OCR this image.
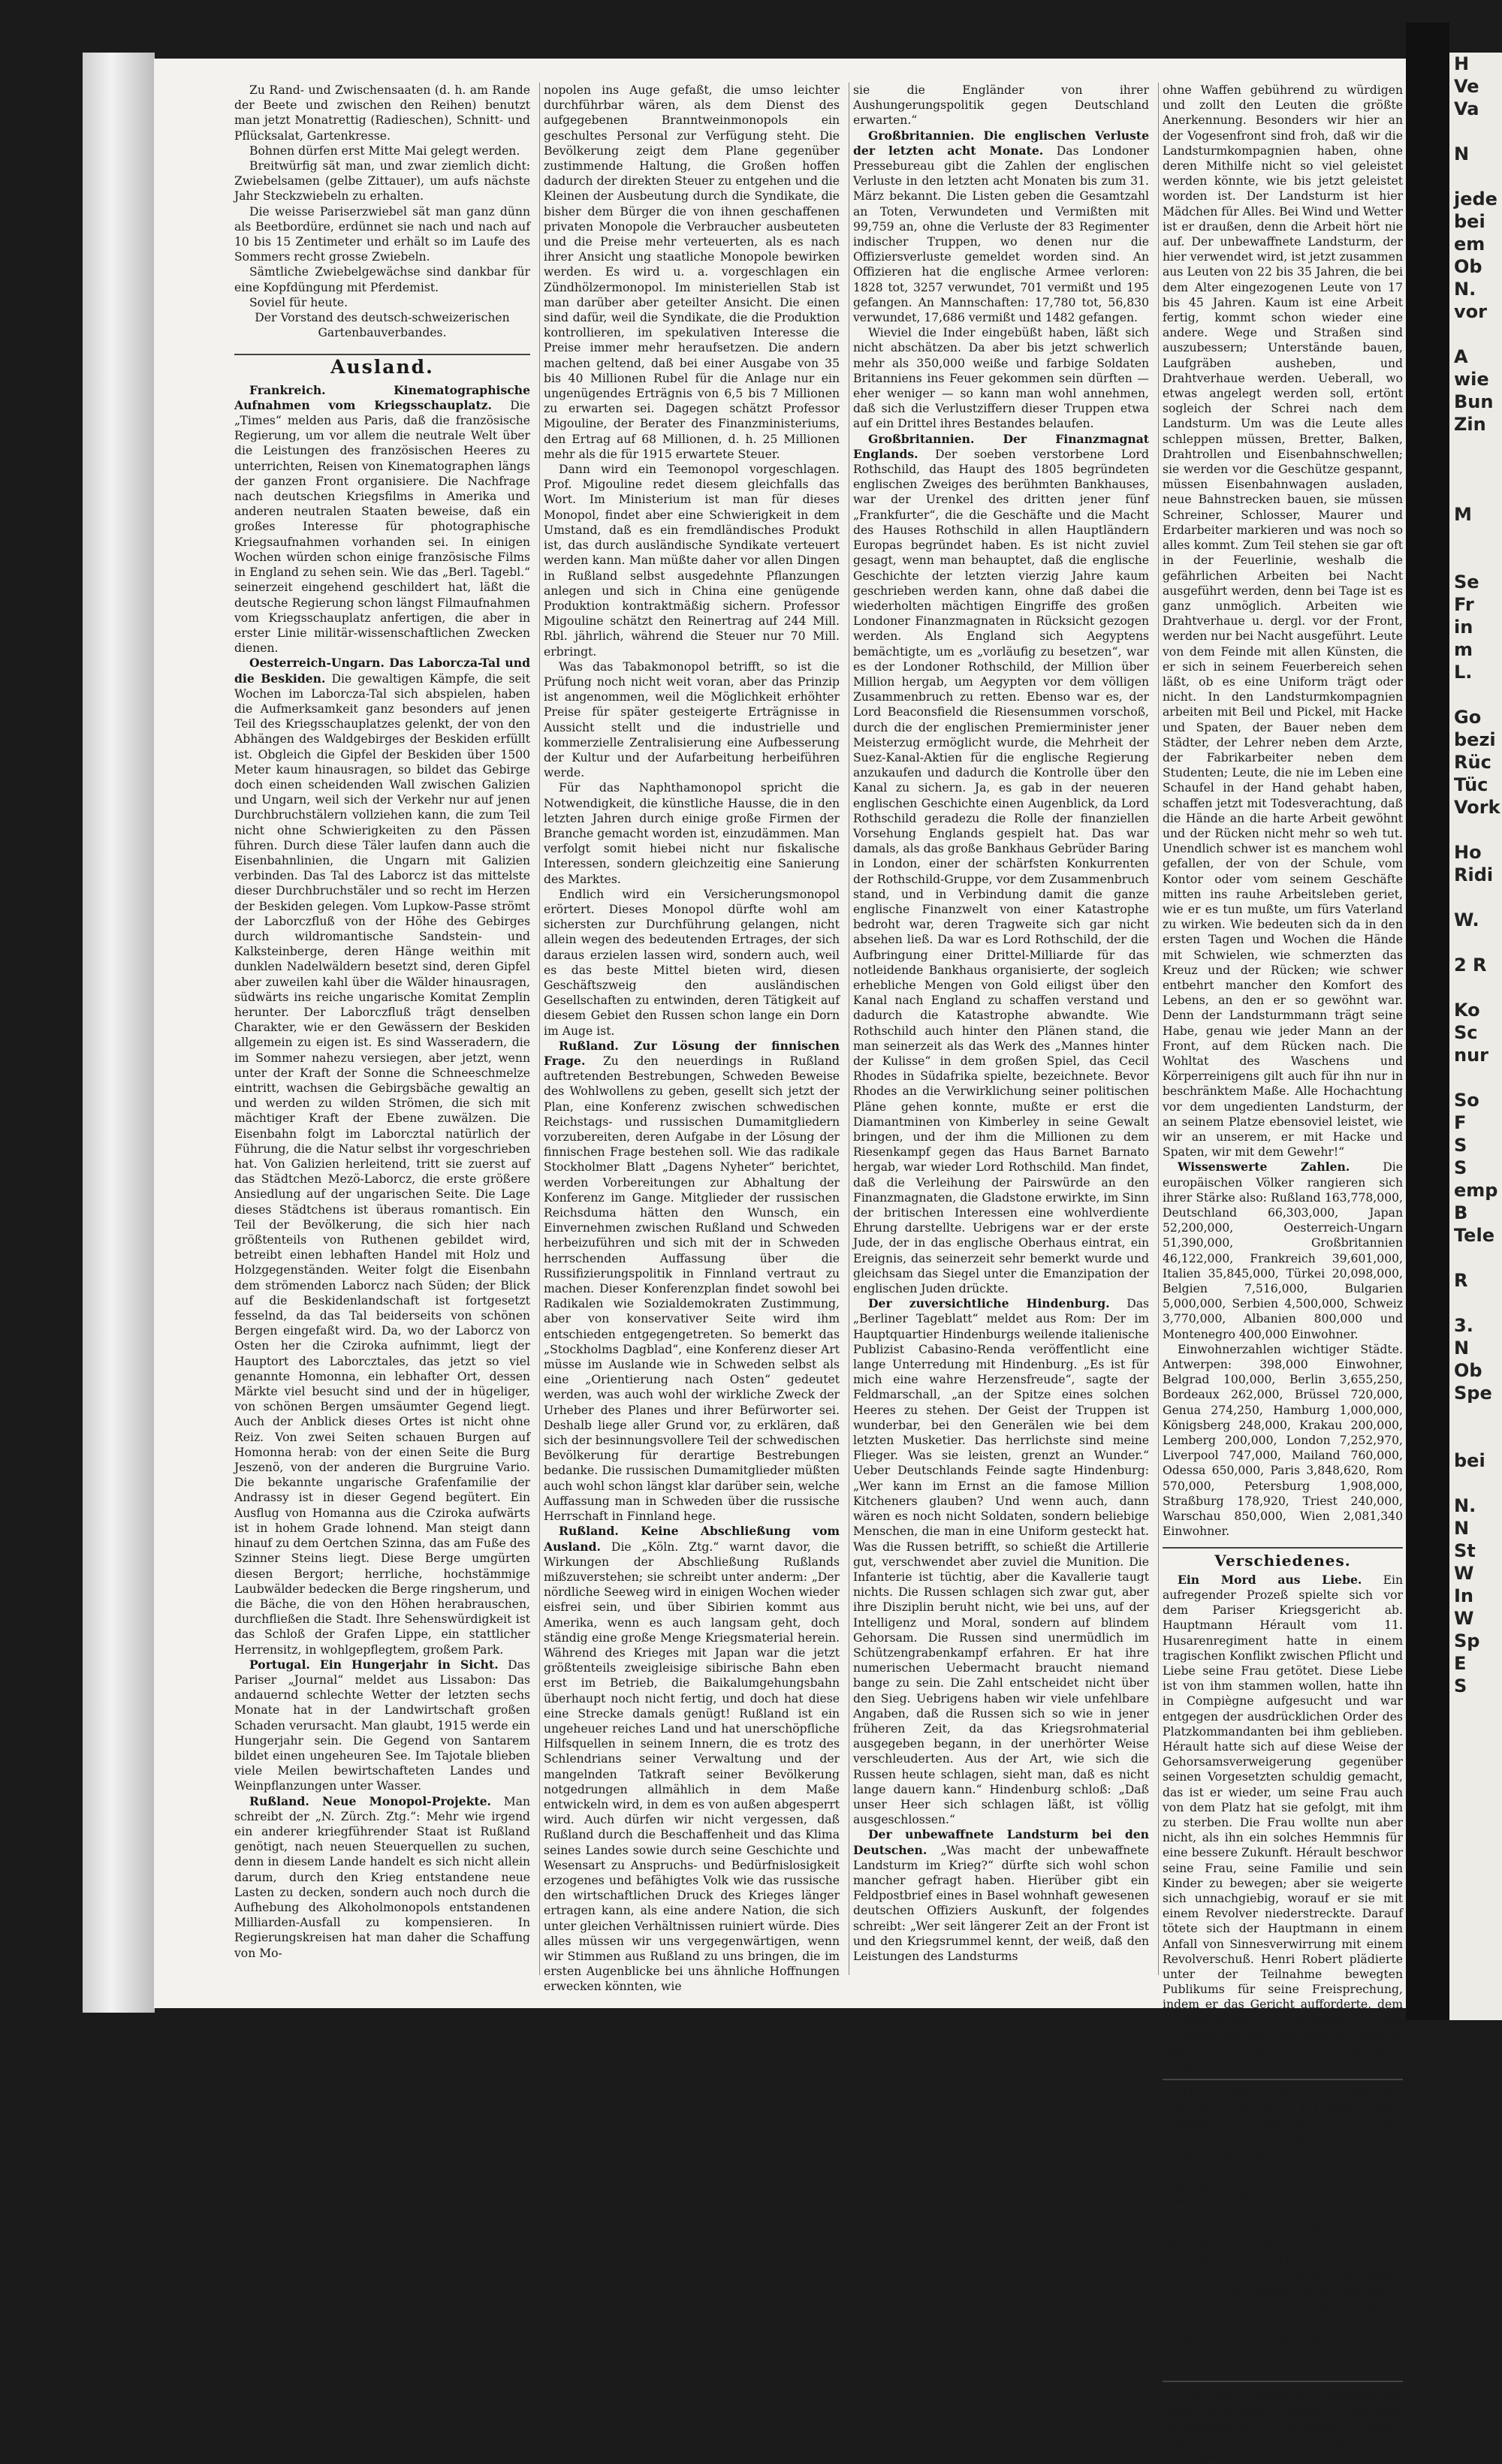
H
Ve
Va

N

jede
bei
em
Ob
N.
vor

A
wie
Bun
Zin

M

Se
Fr
in
m
L.

Go
bezi
Rüc
Tüc
Vork

Ho
Ridi

W.

2 R

Ko
Sc
nur

So
F
S
S
emp
B
Tele

R

3.
N
Ob
Spe

bei

N.
N
St
W
In
W
Sp
E
S

Zu Rand- und Zwischensaaten (d. h. am Rande der Beete und zwischen den Reihen) benutzt man jetzt Monatrettig (Radieschen), Schnitt- und Pflücksalat, Gartenkresse.

Bohnen dürfen erst Mitte Mai gelegt werden.

Breitwürfig sät man, und zwar ziemlich dicht: Zwiebelsamen (gelbe Zittauer), um aufs nächste Jahr Steckzwiebeln zu erhalten.

Die weisse Pariserzwiebel sät man ganz dünn als Beetbordüre, erdünnet sie nach und nach auf 10 bis 15 Zentimeter und erhält so im Laufe des Sommers recht grosse Zwiebeln.

Sämtliche Zwiebelgewächse sind dankbar für eine Kopfdüngung mit Pferdemist.

Soviel für heute.

Der Vorstand des deutsch-schweizerischen Gartenbauverbandes.

Ausland.

Frankreich. Kinematographische Aufnahmen vom Kriegsschauplatz. Die „Times“ melden aus Paris, daß die französische Regierung, um vor allem die neutrale Welt über die Leistungen des französischen Heeres zu unterrichten, Reisen von Kinematographen längs der ganzen Front organisiere. Die Nachfrage nach deutschen Kriegsfilms in Amerika und anderen neutralen Staaten beweise, daß ein großes Interesse für photographische Kriegsaufnahmen vorhanden sei. In einigen Wochen würden schon einige französische Films in England zu sehen sein. Wie das „Berl. Tagebl.“ seinerzeit eingehend geschildert hat, läßt die deutsche Regierung schon längst Filmaufnahmen vom Kriegsschauplatz anfertigen, die aber in erster Linie militär-wissenschaftlichen Zwecken dienen.

Oesterreich-Ungarn. Das Laborcza-Tal und die Beskiden. Die gewaltigen Kämpfe, die seit Wochen im Laborcza-Tal sich abspielen, haben die Aufmerksamkeit ganz besonders auf jenen Teil des Kriegsschauplatzes gelenkt, der von den Abhängen des Waldgebirges der Beskiden erfüllt ist. Obgleich die Gipfel der Beskiden über 1500 Meter kaum hinausragen, so bildet das Gebirge doch einen scheidenden Wall zwischen Galizien und Ungarn, weil sich der Verkehr nur auf jenen Durchbruchstälern vollziehen kann, die zum Teil nicht ohne Schwierigkeiten zu den Pässen führen. Durch diese Täler laufen dann auch die Eisenbahnlinien, die Ungarn mit Galizien verbinden. Das Tal des Laborcz ist das mittelste dieser Durchbruchstäler und so recht im Herzen der Beskiden gelegen. Vom Lupkow-Passe strömt der Laborczfluß von der Höhe des Gebirges durch wildromantische Sandstein- und Kalksteinberge, deren Hänge weithin mit dunklen Nadelwäldern besetzt sind, deren Gipfel aber zuweilen kahl über die Wälder hinausragen, südwärts ins reiche ungarische Komitat Zemplin herunter. Der Laborczfluß trägt denselben Charakter, wie er den Gewässern der Beskiden allgemein zu eigen ist. Es sind Wasseradern, die im Sommer nahezu versiegen, aber jetzt, wenn unter der Kraft der Sonne die Schneeschmelze eintritt, wachsen die Gebirgsbäche gewaltig an und werden zu wilden Strömen, die sich mit mächtiger Kraft der Ebene zuwälzen. Die Eisenbahn folgt im Laborcztal natürlich der Führung, die die Natur selbst ihr vorgeschrieben hat. Von Galizien herleitend, tritt sie zuerst auf das Städtchen Mezö-Laborcz, die erste größere Ansiedlung auf der ungarischen Seite. Die Lage dieses Städtchens ist überaus romantisch. Ein Teil der Bevölkerung, die sich hier nach größtenteils von Ruthenen gebildet wird, betreibt einen lebhaften Handel mit Holz und Holzgegenständen. Weiter folgt die Eisenbahn dem strömenden Laborcz nach Süden; der Blick auf die Beskidenlandschaft ist fortgesetzt fesselnd, da das Tal beiderseits von schönen Bergen eingefaßt wird. Da, wo der Laborcz von Osten her die Cziroka aufnimmt, liegt der Hauptort des Laborcztales, das jetzt so viel genannte Homonna, ein lebhafter Ort, dessen Märkte viel besucht sind und der in hügeliger, von schönen Bergen umsäumter Gegend liegt. Auch der Anblick dieses Ortes ist nicht ohne Reiz. Von zwei Seiten schauen Burgen auf Homonna herab: von der einen Seite die Burg Jeszenö, von der anderen die Burgruine Vario. Die bekannte ungarische Grafenfamilie der Andrassy ist in dieser Gegend begütert. Ein Ausflug von Homanna aus die Cziroka aufwärts ist in hohem Grade lohnend. Man steigt dann hinauf zu dem Oertchen Szinna, das am Fuße des Szinner Steins liegt. Diese Berge umgürten diesen Bergort; herrliche, hochstämmige Laubwälder bedecken die Berge ringsherum, und die Bäche, die von den Höhen herabrauschen, durchfließen die Stadt. Ihre Sehenswürdigkeit ist das Schloß der Grafen Lippe, ein stattlicher Herrensitz, in wohlgepflegtem, großem Park.

Portugal. Ein Hungerjahr in Sicht. Das Pariser „Journal“ meldet aus Lissabon: Das andauernd schlechte Wetter der letzten sechs Monate hat in der Landwirtschaft großen Schaden verursacht. Man glaubt, 1915 werde ein Hungerjahr sein. Die Gegend von Santarem bildet einen ungeheuren See. Im Tajotale blieben viele Meilen bewirtschafteten Landes und Weinpflanzungen unter Wasser.

Rußland. Neue Monopol-Projekte. Man schreibt der „N. Zürch. Ztg.“: Mehr wie irgend ein anderer kriegführender Staat ist Rußland genötigt, nach neuen Steuerquellen zu suchen, denn in diesem Lande handelt es sich nicht allein darum, durch den Krieg entstandene neue Lasten zu decken, sondern auch noch durch die Aufhebung des Alkoholmonopols entstandenen Milliarden-Ausfall zu kompensieren. In Regierungskreisen hat man daher die Schaffung von Mo-

nopolen ins Auge gefaßt, die umso leichter durchführbar wären, als dem Dienst des aufgegebenen Branntweinmonopols ein geschultes Personal zur Verfügung steht. Die Bevölkerung zeigt dem Plane gegenüber zustimmende Haltung, die Großen hoffen dadurch der direkten Steuer zu entgehen und die Kleinen der Ausbeutung durch die Syndikate, die bisher dem Bürger die von ihnen geschaffenen privaten Monopole die Verbraucher ausbeuteten und die Preise mehr verteuerten, als es nach ihrer Ansicht ung staatliche Monopole bewirken werden. Es wird u. a. vorgeschlagen ein Zündhölzermonopol. Im ministeriellen Stab ist man darüber aber geteilter Ansicht. Die einen sind dafür, weil die Syndikate, die die Produktion kontrollieren, im spekulativen Interesse die Preise immer mehr heraufsetzen. Die andern machen geltend, daß bei einer Ausgabe von 35 bis 40 Millionen Rubel für die Anlage nur ein ungenügendes Erträgnis von 6,5 bis 7 Millionen zu erwarten sei. Dagegen schätzt Professor Migouline, der Berater des Finanzministeriums, den Ertrag auf 68 Millionen, d. h. 25 Millionen mehr als die für 1915 erwartete Steuer.

Dann wird ein Teemonopol vorgeschlagen. Prof. Migouline redet diesem gleichfalls das Wort. Im Ministerium ist man für dieses Monopol, findet aber eine Schwierigkeit in dem Umstand, daß es ein fremdländisches Produkt ist, das durch ausländische Syndikate verteuert werden kann. Man müßte daher vor allen Dingen in Rußland selbst ausgedehnte Pflanzungen anlegen und sich in China eine genügende Produktion kontraktmäßig sichern. Professor Migouline schätzt den Reinertrag auf 244 Mill. Rbl. jährlich, während die Steuer nur 70 Mill. erbringt.

Was das Tabakmonopol betrifft, so ist die Prüfung noch nicht weit voran, aber das Prinzip ist angenommen, weil die Möglichkeit erhöhter Preise für später gesteigerte Erträgnisse in Aussicht stellt und die industrielle und kommerzielle Zentralisierung eine Aufbesserung der Kultur und der Aufarbeitung herbeiführen werde.

Für das Naphthamonopol spricht die Notwendigkeit, die künstliche Hausse, die in den letzten Jahren durch einige große Firmen der Branche gemacht worden ist, einzudämmen. Man verfolgt somit hiebei nicht nur fiskalische Interessen, sondern gleichzeitig eine Sanierung des Marktes.

Endlich wird ein Versicherungsmonopol erörtert. Dieses Monopol dürfte wohl am sichersten zur Durchführung gelangen, nicht allein wegen des bedeutenden Ertrages, der sich daraus erzielen lassen wird, sondern auch, weil es das beste Mittel bieten wird, diesen Geschäftszweig den ausländischen Gesellschaften zu entwinden, deren Tätigkeit auf diesem Gebiet den Russen schon lange ein Dorn im Auge ist.

Rußland. Zur Lösung der finnischen Frage. Zu den neuerdings in Rußland auftretenden Bestrebungen, Schweden Beweise des Wohlwollens zu geben, gesellt sich jetzt der Plan, eine Konferenz zwischen schwedischen Reichstags- und russischen Dumamitgliedern vorzubereiten, deren Aufgabe in der Lösung der finnischen Frage bestehen soll. Wie das radikale Stockholmer Blatt „Dagens Nyheter“ berichtet, werden Vorbereitungen zur Abhaltung der Konferenz im Gange. Mitglieder der russischen Reichsduma hätten den Wunsch, ein Einvernehmen zwischen Rußland und Schweden herbeizuführen und sich mit der in Schweden herrschenden Auffassung über die Russifizierungspolitik in Finnland vertraut zu machen. Dieser Konferenzplan findet sowohl bei Radikalen wie Sozialdemokraten Zustimmung, aber von konservativer Seite wird ihm entschieden entgegengetreten. So bemerkt das „Stockholms Dagblad“, eine Konferenz dieser Art müsse im Auslande wie in Schweden selbst als eine „Orientierung nach Osten“ gedeutet werden, was auch wohl der wirkliche Zweck der Urheber des Planes und ihrer Befürworter sei. Deshalb liege aller Grund vor, zu erklären, daß sich der besinnungsvollere Teil der schwedischen Bevölkerung für derartige Bestrebungen bedanke. Die russischen Dumamitglieder müßten auch wohl schon längst klar darüber sein, welche Auffassung man in Schweden über die russische Herrschaft in Finnland hege.

Rußland. Keine Abschließung vom Ausland. Die „Köln. Ztg.“ warnt davor, die Wirkungen der Abschließung Rußlands mißzuverstehen; sie schreibt unter anderm: „Der nördliche Seeweg wird in einigen Wochen wieder eisfrei sein, und über Sibirien kommt aus Amerika, wenn es auch langsam geht, doch ständig eine große Menge Kriegsmaterial herein. Während des Krieges mit Japan war die jetzt größtenteils zweigleisige sibirische Bahn eben erst im Betrieb, die Baikalumgehungsbahn überhaupt noch nicht fertig, und doch hat diese eine Strecke damals genügt! Rußland ist ein ungeheuer reiches Land und hat unerschöpfliche Hilfsquellen in seinem Innern, die es trotz des Schlendrians seiner Verwaltung und der mangelnden Tatkraft seiner Bevölkerung notgedrungen allmählich in dem Maße entwickeln wird, in dem es von außen abgesperrt wird. Auch dürfen wir nicht vergessen, daß Rußland durch die Beschaffenheit und das Klima seines Landes sowie durch seine Geschichte und Wesensart zu Anspruchs- und Bedürfnislosigkeit erzogenes und befähigtes Volk wie das russische den wirtschaftlichen Druck des Krieges länger ertragen kann, als eine andere Nation, die sich unter gleichen Verhältnissen ruiniert würde. Dies alles müssen wir uns vergegenwärtigen, wenn wir Stimmen aus Rußland zu uns bringen, die im ersten Augenblicke bei uns ähnliche Hoffnungen erwecken könnten, wie

sie die Engländer von ihrer Aushungerungspolitik gegen Deutschland erwarten.“

Großbritannien. Die englischen Verluste der letzten acht Monate. Das Londoner Pressebureau gibt die Zahlen der englischen Verluste in den letzten acht Monaten bis zum 31. März bekannt. Die Listen geben die Gesamtzahl an Toten, Verwundeten und Vermißten mit 99,759 an, ohne die Verluste der 83 Regimenter indischer Truppen, wo denen nur die Offiziersverluste gemeldet worden sind. An Offizieren hat die englische Armee verloren: 1828 tot, 3257 verwundet, 701 vermißt und 195 gefangen. An Mannschaften: 17,780 tot, 56,830 verwundet, 17,686 vermißt und 1482 gefangen.

Wieviel die Inder eingebüßt haben, läßt sich nicht abschätzen. Da aber bis jetzt schwerlich mehr als 350,000 weiße und farbige Soldaten Britanniens ins Feuer gekommen sein dürften — eher weniger — so kann man wohl annehmen, daß sich die Verlustziffern dieser Truppen etwa auf ein Drittel ihres Bestandes belaufen.

Großbritannien. Der Finanzmagnat Englands. Der soeben verstorbene Lord Rothschild, das Haupt des 1805 begründeten englischen Zweiges des berühmten Bankhauses, war der Urenkel des dritten jener fünf „Frankfurter“, die die Geschäfte und die Macht des Hauses Rothschild in allen Hauptländern Europas begründet haben. Es ist nicht zuviel gesagt, wenn man behauptet, daß die englische Geschichte der letzten vierzig Jahre kaum geschrieben werden kann, ohne daß dabei die wiederholten mächtigen Eingriffe des großen Londoner Finanzmagnaten in Rücksicht gezogen werden. Als England sich Aegyptens bemächtigte, um es „vorläufig zu besetzen“, war es der Londoner Rothschild, der Million über Million hergab, um Aegypten vor dem völligen Zusammenbruch zu retten. Ebenso war es, der Lord Beaconsfield die Riesensummen vorschoß, durch die der englischen Premierminister jener Meisterzug ermöglicht wurde, die Mehrheit der Suez-Kanal-Aktien für die englische Regierung anzukaufen und dadurch die Kontrolle über den Kanal zu sichern. Ja, es gab in der neueren englischen Geschichte einen Augenblick, da Lord Rothschild geradezu die Rolle der finanziellen Vorsehung Englands gespielt hat. Das war damals, als das große Bankhaus Gebrüder Baring in London, einer der schärfsten Konkurrenten der Rothschild-Gruppe, vor dem Zusammenbruch stand, und in Verbindung damit die ganze englische Finanzwelt von einer Katastrophe bedroht war, deren Tragweite sich gar nicht absehen ließ. Da war es Lord Rothschild, der die Aufbringung einer Drittel-Milliarde für das notleidende Bankhaus organisierte, der sogleich erhebliche Mengen von Gold eiligst über den Kanal nach England zu schaffen verstand und dadurch die Katastrophe abwandte. Wie Rothschild auch hinter den Plänen stand, die man seinerzeit als das Werk des „Mannes hinter der Kulisse“ in dem großen Spiel, das Cecil Rhodes in Südafrika spielte, bezeichnete. Bevor Rhodes an die Verwirklichung seiner politischen Pläne gehen konnte, mußte er erst die Diamantminen von Kimberley in seine Gewalt bringen, und der ihm die Millionen zu dem Riesenkampf gegen das Haus Barnet Barnato hergab, war wieder Lord Rothschild. Man findet, daß die Verleihung der Pairswürde an den Finanzmagnaten, die Gladstone erwirkte, im Sinn der britischen Interessen eine wohlverdiente Ehrung darstellte. Uebrigens war er der erste Jude, der in das englische Oberhaus eintrat, ein Ereignis, das seinerzeit sehr bemerkt wurde und gleichsam das Siegel unter die Emanzipation der englischen Juden drückte.

Der zuversichtliche Hindenburg. Das „Berliner Tageblatt“ meldet aus Rom: Der im Hauptquartier Hindenburgs weilende italienische Publizist Cabasino-Renda veröffentlicht eine lange Unterredung mit Hindenburg. „Es ist für mich eine wahre Herzensfreude“, sagte der Feldmarschall, „an der Spitze eines solchen Heeres zu stehen. Der Geist der Truppen ist wunderbar, bei den Generälen wie bei dem letzten Musketier. Das herrlichste sind meine Flieger. Was sie leisten, grenzt an Wunder.“ Ueber Deutschlands Feinde sagte Hindenburg: „Wer kann im Ernst an die famose Million Kitcheners glauben? Und wenn auch, dann wären es noch nicht Soldaten, sondern beliebige Menschen, die man in eine Uniform gesteckt hat. Was die Russen betrifft, so schießt die Artillerie gut, verschwendet aber zuviel die Munition. Die Infanterie ist tüchtig, aber die Kavallerie taugt nichts. Die Russen schlagen sich zwar gut, aber ihre Disziplin beruht nicht, wie bei uns, auf der Intelligenz und Moral, sondern auf blindem Gehorsam. Die Russen sind unermüdlich im Schützengrabenkampf erfahren. Er hat ihre numerischen Uebermacht braucht niemand bange zu sein. Die Zahl entscheidet nicht über den Sieg. Uebrigens haben wir viele unfehlbare Angaben, daß die Russen sich so wie in jener früheren Zeit, da das Kriegsrohmaterial ausgegeben begann, in der unerhörter Weise verschleuderten. Aus der Art, wie sich die Russen heute schlagen, sieht man, daß es nicht lange dauern kann.“ Hindenburg schloß: „Daß unser Heer sich schlagen läßt, ist völlig ausgeschlossen.“

Der unbewaffnete Landsturm bei den Deutschen. „Was macht der unbewaffnete Landsturm im Krieg?“ dürfte sich wohl schon mancher gefragt haben. Hierüber gibt ein Feldpostbrief eines in Basel wohnhaft gewesenen deutschen Offiziers Auskunft, der folgendes schreibt: „Wer seit längerer Zeit an der Front ist und den Kriegsrummel kennt, der weiß, daß den Leistungen des Landsturms

ohne Waffen gebührend zu würdigen und zollt den Leuten die größte Anerkennung. Besonders wir hier an der Vogesenfront sind froh, daß wir die Landsturmkompagnien haben, ohne deren Mithilfe nicht so viel geleistet werden könnte, wie bis jetzt geleistet worden ist. Der Landsturm ist hier Mädchen für Alles. Bei Wind und Wetter ist er draußen, denn die Arbeit hört nie auf. Der unbewaffnete Landsturm, der hier verwendet wird, ist jetzt zusammen aus Leuten von 22 bis 35 Jahren, die bei dem Alter eingezogenen Leute von 17 bis 45 Jahren. Kaum ist eine Arbeit fertig, kommt schon wieder eine andere. Wege und Straßen sind auszubessern; Unterstände bauen, Laufgräben ausheben, und Drahtverhaue werden. Ueberall, wo etwas angelegt werden soll, ertönt sogleich der Schrei nach dem Landsturm. Um was die Leute alles schleppen müssen, Bretter, Balken, Drahtrollen und Eisenbahnschwellen; sie werden vor die Geschütze gespannt, müssen Eisenbahnwagen ausladen, neue Bahnstrecken bauen, sie müssen Schreiner, Schlosser, Maurer und Erdarbeiter markieren und was noch so alles kommt. Zum Teil stehen sie gar oft in der Feuerlinie, weshalb die gefährlichen Arbeiten bei Nacht ausgeführt werden, denn bei Tage ist es ganz unmöglich. Arbeiten wie Drahtverhaue u. dergl. vor der Front, werden nur bei Nacht ausgeführt. Leute von dem Feinde mit allen Künsten, die er sich in seinem Feuerbereich sehen läßt, ob es eine Uniform trägt oder nicht. In den Landsturmkompagnien arbeiten mit Beil und Pickel, mit Hacke und Spaten, der Bauer neben dem Städter, der Lehrer neben dem Arzte, der Fabrikarbeiter neben dem Studenten; Leute, die nie im Leben eine Schaufel in der Hand gehabt haben, schaffen jetzt mit Todesverachtung, daß die Hände an die harte Arbeit gewöhnt und der Rücken nicht mehr so weh tut. Unendlich schwer ist es manchem wohl gefallen, der von der Schule, vom Kontor oder vom seinem Geschäfte mitten ins rauhe Arbeitsleben geriet, wie er es tun mußte, um fürs Vaterland zu wirken. Wie bedeuten sich da in den ersten Tagen und Wochen die Hände mit Schwielen, wie schmerzten das Kreuz und der Rücken; wie schwer entbehrt mancher den Komfort des Lebens, an den er so gewöhnt war. Denn der Landsturmmann trägt seine Habe, genau wie jeder Mann an der Front, auf dem Rücken nach. Die Wohltat des Waschens und Körperreinigens gilt auch für ihn nur in beschränktem Maße. Alle Hochachtung vor dem ungedienten Landsturm, der an seinem Platze ebensoviel leistet, wie wir an unserem, er mit Hacke und Spaten, wir mit dem Gewehr!“

Wissenswerte Zahlen.	Die europäischen Völker rangieren sich ihrer Stärke also: Rußland 163,778,000, Deutschland 66,303,000, Japan 52,200,000, Oesterreich-Ungarn 51,390,000, Großbritannien 46,122,000, Frankreich 39,601,000, Italien 35,845,000, Türkei 20,098,000, Belgien 7,516,000, Bulgarien 5,000,000, Serbien 4,500,000, Schweiz 3,770,000, Albanien 800,000 und Montenegro 400,000 Einwohner.

Einwohnerzahlen wichtiger Städte. Antwerpen: 398,000 Einwohner, Belgrad 100,000, Berlin 3,655,250, Bordeaux 262,000, Brüssel 720,000, Genua 274,250, Hamburg 1,000,000, Königsberg 248,000, Krakau 200,000, Lemberg 200,000, London 7,252,970, Liverpool 747,000, Mailand 760,000, Odessa 650,000, Paris 3,848,620, Rom 570,000, Petersburg 1,908,000, Straßburg 178,920, Triest 240,000, Warschau 850,000, Wien 2,081,340 Einwohner.

Verschiedenes.

Ein Mord aus Liebe. Ein aufregender Prozeß spielte sich vor dem Pariser Kriegsgericht ab. Hauptmann Hérault vom 11. Husarenregiment hatte in einem tragischen Konflikt zwischen Pflicht und Liebe seine Frau getötet. Diese Liebe ist von ihm stammen wollen, hatte ihn in Compiègne aufgesucht und war entgegen der ausdrücklichen Order des Platzkommandanten bei ihm geblieben. Hérault hatte sich auf diese Weise der Gehorsamsverweigerung gegenüber seinen Vorgesetzten schuldig gemacht, das ist er wieder, um seine Frau auch von dem Platz hat sie gefolgt, mit ihm zu sterben. Die Frau wollte nun aber nicht, als ihn ein solches Hemmnis für eine bessere Zukunft. Hérault beschwor seine Frau, seine Familie und sein Kinder zu bewegen; aber sie weigerte sich unnachgiebig, worauf er sie mit einem Revolver niederstreckte. Darauf tötete sich der Hauptmann in einem Anfall von Sinnesverwirrung mit einem Revolverschuß. Henri Robert plädierte unter der Teilnahme bewegten Publikums für seine Freisprechung, indem er das Gericht aufforderte, dem Unglücklichen wenigstens den Ehrentod für das Vaterland zu gönnen. Das Gericht sprach der Angeklagte freigesprochen.

Hilfe für die notleidenden Schweizer in den kriegführenden Ländern. An die Bevölkerung des Bezirks Aarau: Beauftragt, die Gabensammlung im Bezirk Aarau zu besorgen, bitten wir unsere Mitbürger angelegentlich, uns ihre gütigen Spenden für die notleidenden Schweizer in den kriegführenden Ländern bald recht zahlreich zukommen zu lassen.

Aarau, 5. April 1915.

Direktor A. Suter;

Nationalrat Dr. E. Zschokke;

R. Zurlinden-Richner;

Stadtammann Hans Häßig.

Gaben wolle man gefl. an Hrn. Stadtammann Häßig oder bei der Stadtkasse Aarau abgeben.

Auf die Aargauer Nachrichten kann jederzeit abonniert werden. Bestellungen nehmen jedes schweizerische Postbureau, sowie die Expedition entgegen.
